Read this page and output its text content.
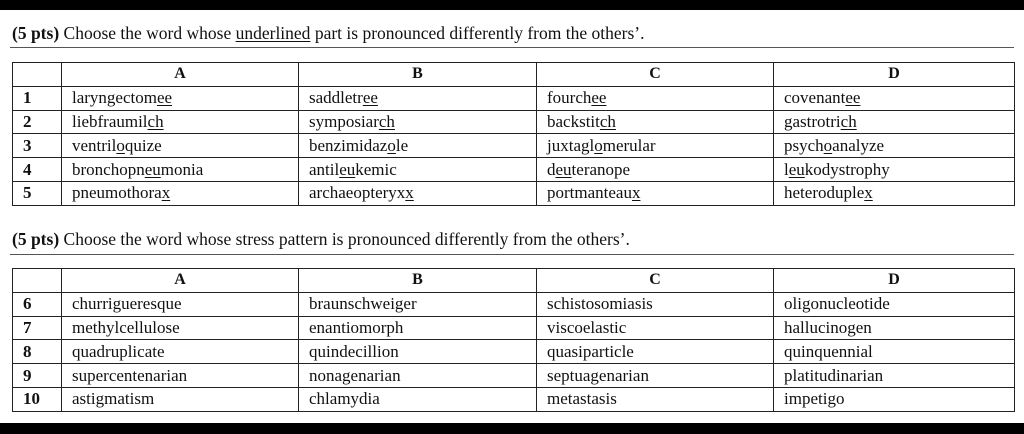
(5 pts) Choose the word whose underlined part is pronounced differently from the others’.
	A	B	C	D
1	laryngectomee	saddletree	fourchee	covenantee
2	liebfraumilch	symposiarch	backstitch	gastrotrich
3	ventriloquize	benzimidazole	juxtaglomerular	psychoanalyze
4	bronchopneumonia	antileukemic	deuteranope	leukodystrophy
5	pneumothorax	archaeopteryxx	portmanteaux	heteroduplex
(5 pts) Choose the word whose stress pattern is pronounced differently from the others’.
	A	B	C	D
6	churrigueresque	braunschweiger	schistosomiasis	oligonucleotide
7	methylcellulose	enantiomorph	viscoelastic	hallucinogen
8	quadruplicate	quindecillion	quasiparticle	quinquennial
9	supercentenarian	nonagenarian	septuagenarian	platitudinarian
10	astigmatism	chlamydia	metastasis	impetigo
